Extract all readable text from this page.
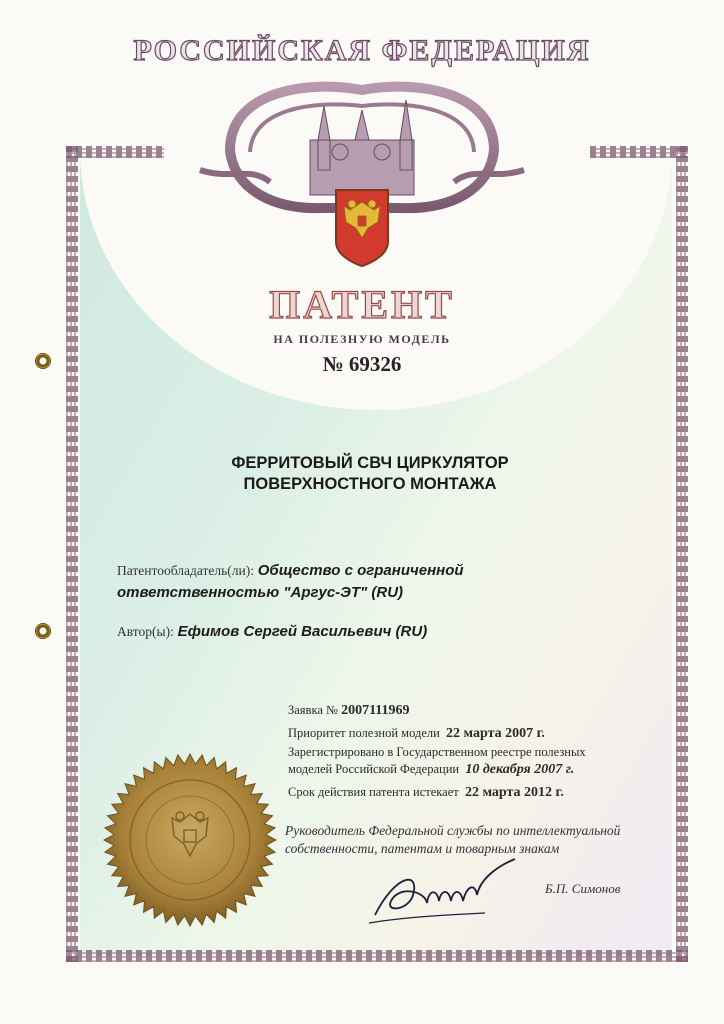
РОССИЙСКАЯ ФЕДЕРАЦИЯ
ПАТЕНТ
НА ПОЛЕЗНУЮ МОДЕЛЬ
№ 69326
ФЕРРИТОВЫЙ СВЧ ЦИРКУЛЯТОР
ПОВЕРХНОСТНОГО МОНТАЖА
Патентообладатель(ли): Общество с ограниченной
ответственностью "Аргус-ЭТ" (RU)
Автор(ы): Ефимов Сергей Васильевич (RU)
Заявка № 2007111969
Приоритет полезной модели 22 марта 2007 г.
Зарегистрировано в Государственном реестре полезных
моделей Российской Федерации 10 декабря 2007 г.
Срок действия патента истекает 22 марта 2012 г.
Руководитель Федеральной службы по интеллектуальной
собственности, патентам и товарным знакам
Б.П. Симонов
